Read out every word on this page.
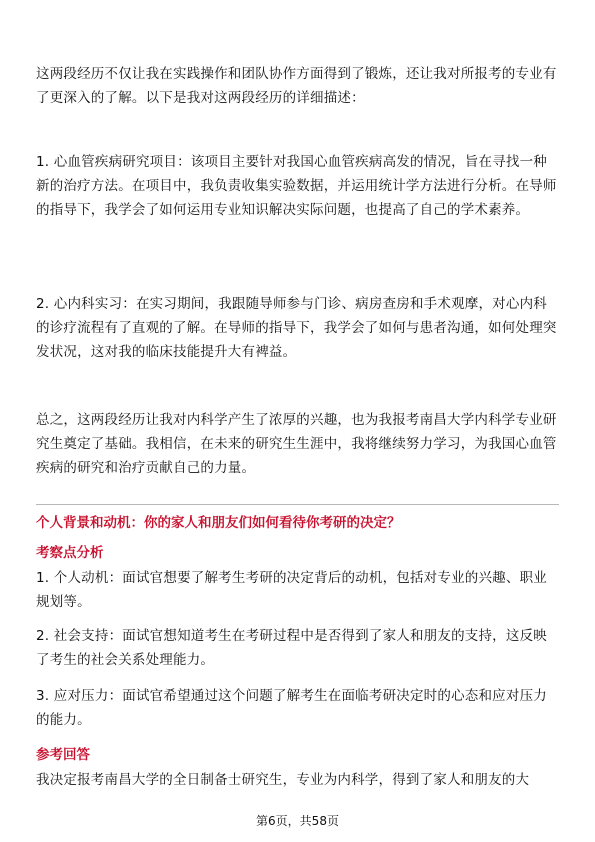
这两段经历不仅让我在实践操作和团队协作方面得到了锻炼，还让我对所报考的专业有了更深入的了解。以下是我对这两段经历的详细描述：

1. 心血管疾病研究项目：该项目主要针对我国心血管疾病高发的情况，旨在寻找一种新的治疗方法。在项目中，我负责收集实验数据，并运用统计学方法进行分析。在导师的指导下，我学会了如何运用专业知识解决实际问题，也提高了自己的学术素养。

2. 心内科实习：在实习期间，我跟随导师参与门诊、病房查房和手术观摩，对心内科的诊疗流程有了直观的了解。在导师的指导下，我学会了如何与患者沟通，如何处理突发状况，这对我的临床技能提升大有裨益。

总之，这两段经历让我对内科学产生了浓厚的兴趣，也为我报考南昌大学内科学专业研究生奠定了基础。我相信，在未来的研究生生涯中，我将继续努力学习，为我国心血管疾病的研究和治疗贡献自己的力量。

个人背景和动机：你的家人和朋友们如何看待你考研的决定？

考察点分析

1. 个人动机：面试官想要了解考生考研的决定背后的动机，包括对专业的兴趣、职业规划等。

2. 社会支持：面试官想知道考生在考研过程中是否得到了家人和朋友的支持，这反映了考生的社会关系处理能力。

3. 应对压力：面试官希望通过这个问题了解考生在面临考研决定时的心态和应对压力的能力。

参考回答

我决定报考南昌大学的全日制备士研究生，专业为内科学，得到了家人和朋友的大

第6页，共58页
